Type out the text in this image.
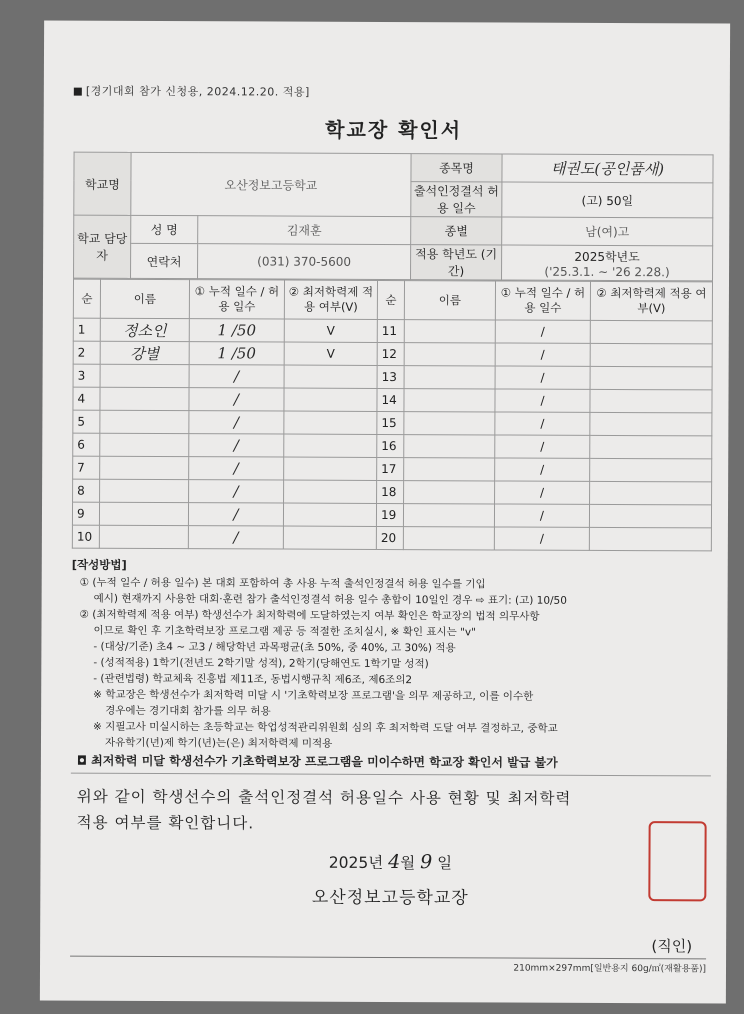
[경기대회 참가 신청용, 2024.12.20. 적용]
학교장 확인서
학교명	오산정보고등학교		종목명	태권도(공인품새)
			출석인정결석 허용 일수	(고) 50일
학교 담당자	성 명	김재훈	종별	남(여)고
	연락처	(031) 370-5600	적용 학년도 (기간)	2025학년도
('25.3.1. ~ '26 2.28.)
순	이름	① 누적 일수 / 허용 일수	② 최저학력제 적용 여부(V)	순	이름	① 누적 일수 / 허용 일수	② 최저학력제 적용 여부(V)
1	정소인	1 /50	V	11		/	
2	강별	1 /50	V	12		/	
3		/		13		/	
4		/		14		/	
5		/		15		/	
6		/		16		/	
7		/		17		/	
8		/		18		/	
9		/		19		/	
10		/		20		/	
[작성방법]
① (누적 일수 / 허용 일수) 본 대회 포함하여 총 사용 누적 출석인정결석 허용 일수를 기입
예시) 현재까지 사용한 대회·훈련 참가 출석인정결석 허용 일수 총합이 10일인 경우 ⇨ 표기: (고) 10/50
② (최저학력제 적용 여부) 학생선수가 최저학력에 도달하였는지 여부 확인은 학교장의 법적 의무사항
이므로 확인 후 기초학력보장 프로그램 제공 등 적절한 조치실시, ※ 확인 표시는 "v"
- (대상/기준) 초4 ~ 고3 / 해당학년 과목평균(초 50%, 중 40%, 고 30%) 적용
- (성적적용) 1학기(전년도 2학기말 성적), 2학기(당해연도 1학기말 성적)
- (관련법령) 학교체육 진흥법 제11조, 동법시행규칙 제6조, 제6조의2
※ 학교장은 학생선수가 최저학력 미달 시 '기초학력보장 프로그램'을 의무 제공하고, 이를 이수한
경우에는 경기대회 참가를 의무 허용
※ 지필고사 미실시하는 초등학교는 학업성적관리위원회 심의 후 최저학력 도달 여부 결정하고, 중학교
자유학기(년)제 학기(년)는(은) 최저학력제 미적용
◘ 최저학력 미달 학생선수가 기초학력보장 프로그램을 미이수하면 학교장 확인서 발급 불가
위와 같이 학생선수의 출석인정결석 허용일수 사용 현황 및 최저학력
적용 여부를 확인합니다.
2025년 4월 9 일
오산정보고등학교장
(직인)
210mm×297mm[일반용지 60g/㎡(재활용품)]
